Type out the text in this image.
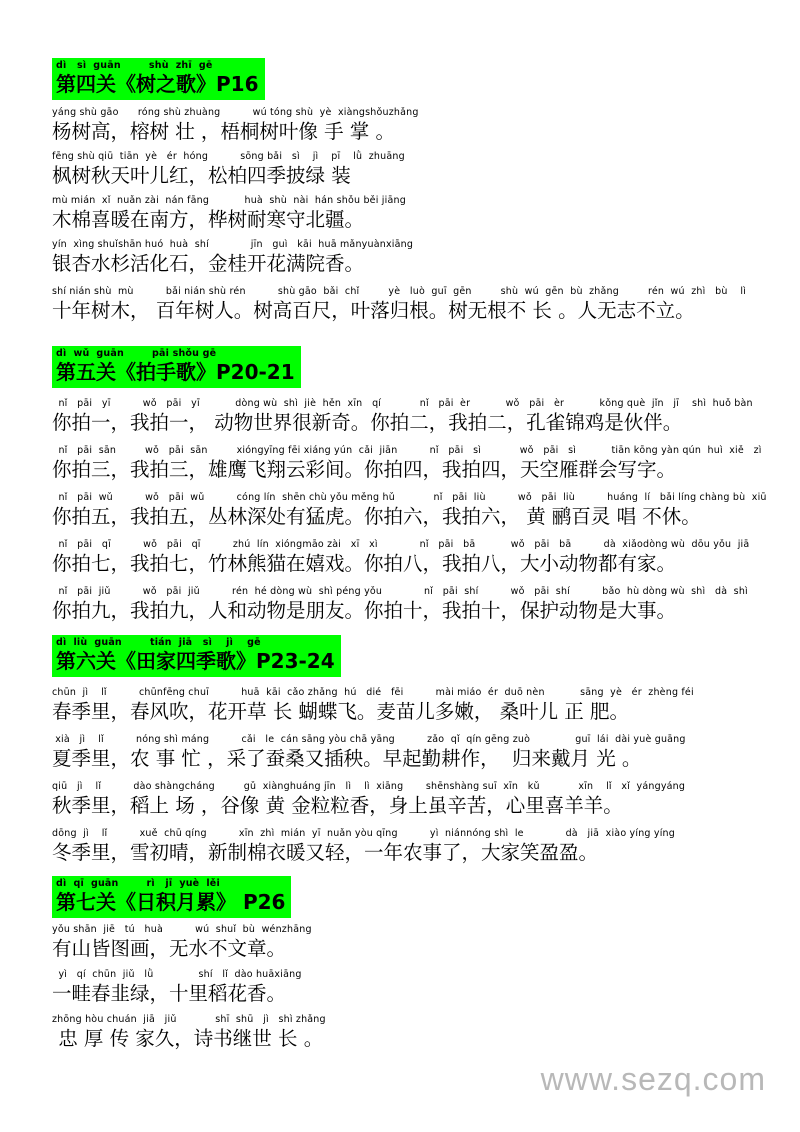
dì   sì  guān        shù  zhī  gē
第四关《树之歌》P16
yáng shù gāo      róng shù zhuàng          wú tóng shù  yè  xiàngshǒuzhǎng
杨树高，榕树 壮 ，梧桐树叶像 手 掌 。
fēng shù qiū  tiān  yè   ér  hóng          sōng bǎi   sì    jì    pī    lǜ  zhuāng
枫树秋天叶儿红，松柏四季披绿 装
mù mián  xǐ  nuǎn zài  nán fāng           huà  shù  nài  hán shǒu běi jiāng
木棉喜暖在南方，桦树耐寒守北疆。
yín  xìng shuǐshān huó  huà  shí             jīn   guì   kāi  huā mǎnyuànxiāng
银杏水杉活化石，金桂开花满院香。
shí nián shù  mù          bǎi nián shù rén          shù gāo  bǎi  chǐ         yè   luò  guī  gēn         shù  wú  gēn  bù  zhǎng         rén  wú  zhì   bù    lì
十年树木， 百年树人。树高百尺，叶落归根。树无根不 长 。人无志不立。
dì  wǔ  guān        pāi shǒu gē
第五关《拍手歌》P20-21
nǐ   pāi   yī          wǒ   pāi   yī           dòng wù  shì  jiè  hěn  xīn   qí            nǐ   pāi  èr           wǒ   pāi   èr           kǒng què  jǐn   jī    shì  huǒ bàn
你拍一，我拍一， 动物世界很新奇。你拍二，我拍二，孔雀锦鸡是伙伴。
nǐ   pāi  sān         wǒ   pāi  sān         xióngyīng fēi xiáng yún  cǎi  jiān          nǐ   pāi   sì            wǒ   pāi   sì           tiān kōng yàn qún  huì  xiě   zì
你拍三，我拍三，雄鹰飞翔云彩间。你拍四，我拍四，天空雁群会写字。
nǐ   pāi  wǔ          wǒ   pāi  wǔ          cóng lín  shēn chù yǒu měng hǔ            nǐ   pāi  liù          wǒ   pāi  liù          huáng  lí   bǎi líng chàng bù  xiū
你拍五，我拍五，丛林深处有猛虎。你拍六，我拍六， 黄 鹂百灵 唱 不休。
nǐ   pāi   qī          wǒ   pāi   qī          zhú  lín  xióngmāo zài   xī   xì             nǐ   pāi   bā           wǒ   pāi   bā          dà  xiǎodòng wù  dōu yǒu  jiā
你拍七，我拍七，竹林熊猫在嬉戏。你拍八，我拍八，大小动物都有家。
nǐ   pāi  jiǔ          wǒ   pāi  jiǔ          rén  hé dòng wù  shì péng yǒu             nǐ   pāi  shí          wǒ   pāi  shí          bǎo  hù dòng wù  shì   dà  shì
你拍九，我拍九，人和动物是朋友。你拍十，我拍十，保护动物是大事。
dì  liù  guān        tián  jiā   sì    jì    gē
第六关《田家四季歌》P23-24
chūn  jì    lǐ          chūnfēng chuī          huā  kāi  cǎo zhǎng  hú   dié   fēi          mài miáo  ér  duō nèn           sāng  yè   ér  zhèng féi
春季里，春风吹，花开草 长 蝴蝶飞。麦苗儿多嫩， 桑叶儿 正 肥。
xià   jì    lǐ          nóng shì máng          cǎi   le  cán sāng yòu chā yāng          zǎo  qǐ  qín gēng zuò              guī  lái  dài yuè guāng
夏季里，农 事 忙 ，采了蚕桑又插秧。早起勤耕作，  归来戴月 光 。
qiū   jì    lǐ          dào shàngcháng         gǔ  xiànghuáng jīn   lì    lì  xiāng       shēnshàng suī  xīn   kǔ            xīn    lǐ   xǐ  yángyáng
秋季里，稻上 场 ，谷像 黄 金粒粒香，身上虽辛苦，心里喜羊羊。
dōng  jì    lǐ          xuě  chū qíng          xīn  zhì  mián  yī  nuǎn yòu qīng          yì  niánnóng shì  le             dà   jiā  xiào yíng yíng
冬季里，雪初晴，新制棉衣暖又轻，一年农事了，大家笑盈盈。
dì  qī  guān        rì   jī  yuè  lěi
第七关《日积月累》 P26
yǒu shān  jiē   tú   huà          wú  shuǐ  bù  wénzhāng
有山皆图画，无水不文章。
yì   qí  chūn  jiǔ   lǜ              shí   lǐ  dào huāxiāng
一畦春韭绿，十里稻花香。
zhōng hòu chuán  jiā   jiǔ            shī  shū   jì   shì zhǎng
忠 厚 传 家久，诗书继世 长 。
www.sezq.com
